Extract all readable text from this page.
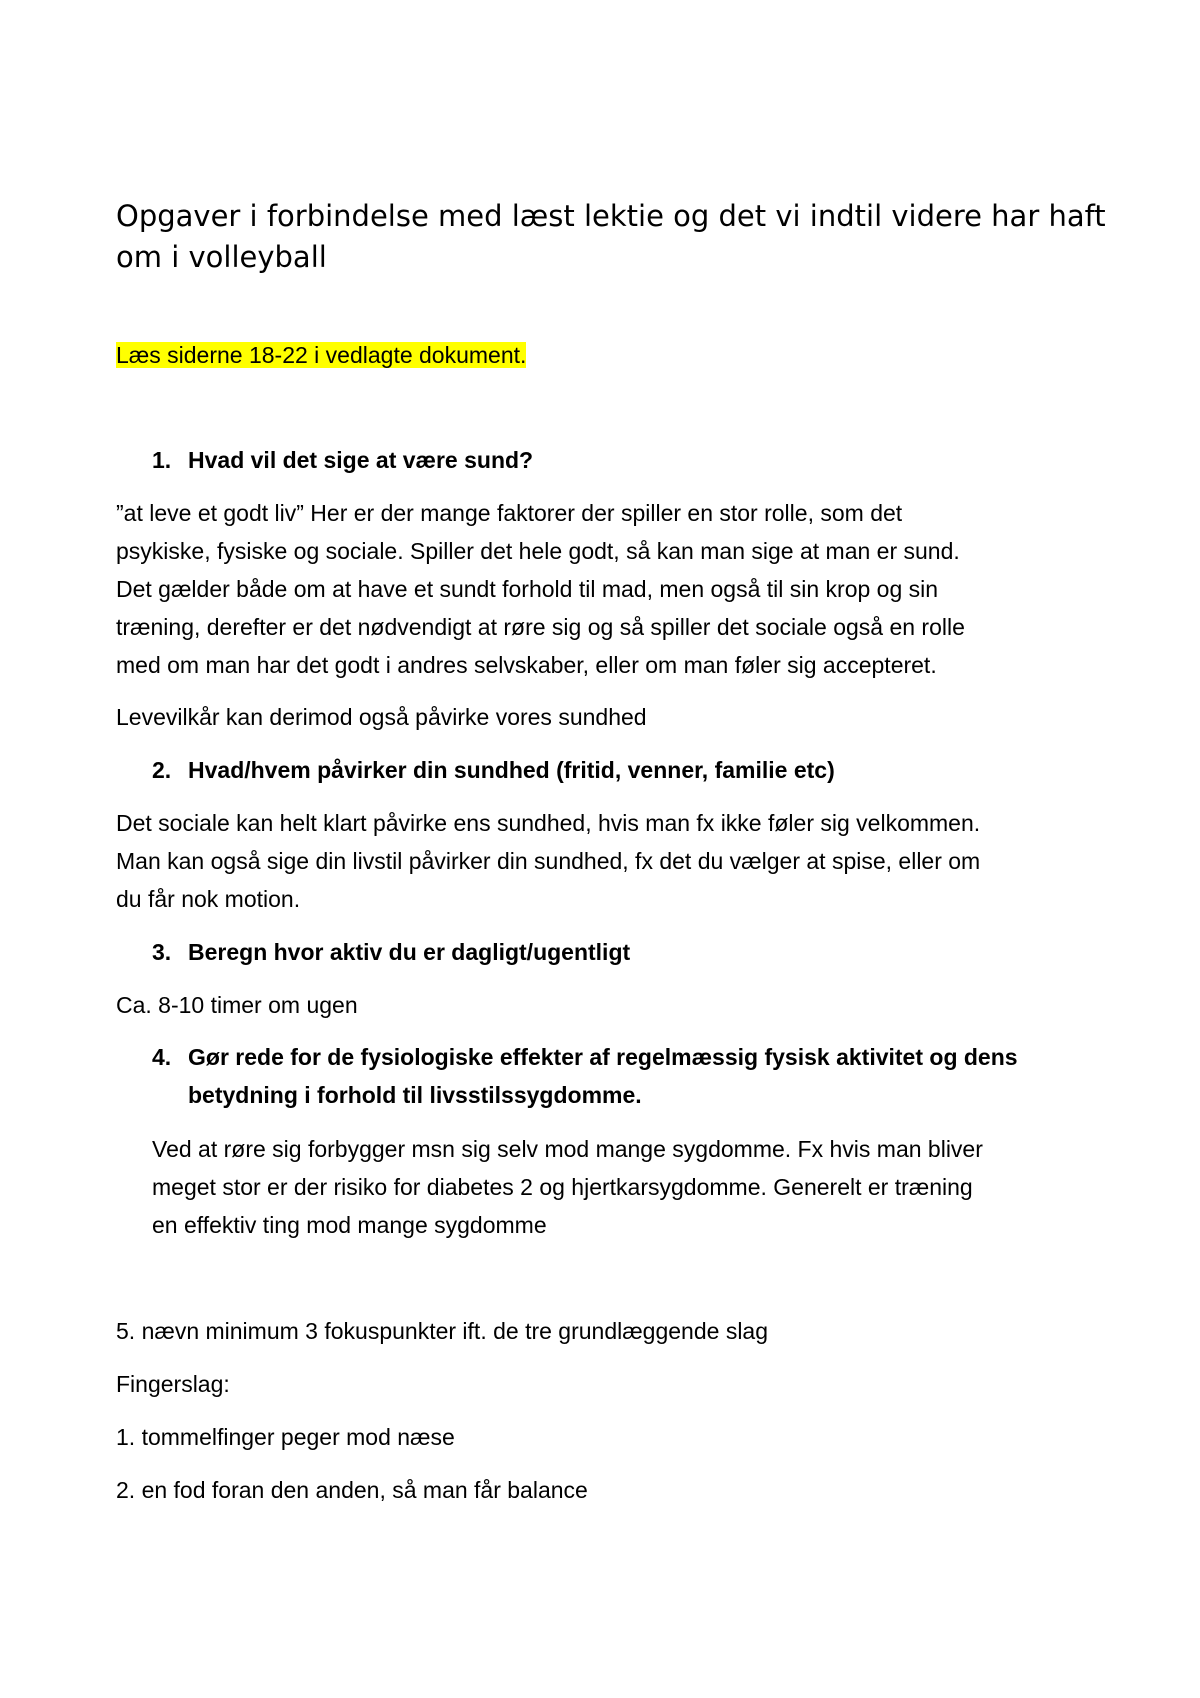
Opgaver i forbindelse med læst lektie og det vi indtil videre har haft om i volleyball

Læs siderne 18-22 i vedlagte dokument.

1. Hvad vil det sige at være sund?

”at leve et godt liv” Her er der mange faktorer der spiller en stor rolle, som det

psykiske, fysiske og sociale. Spiller det hele godt, så kan man sige at man er sund.

Det gælder både om at have et sundt forhold til mad, men også til sin krop og sin

træning, derefter er det nødvendigt at røre sig og så spiller det sociale også en rolle

med om man har det godt i andres selvskaber, eller om man føler sig accepteret.

Levevilkår kan derimod også påvirke vores sundhed

2. Hvad/hvem påvirker din sundhed (fritid, venner, familie etc)

Det sociale kan helt klart påvirke ens sundhed, hvis man fx ikke føler sig velkommen.

Man kan også sige din livstil påvirker din sundhed, fx det du vælger at spise, eller om

du får nok motion.

3. Beregn hvor aktiv du er dagligt/ugentligt

Ca. 8-10 timer om ugen

4. Gør rede for de fysiologiske effekter af regelmæssig fysisk aktivitet og dens
betydning i forhold til livsstilssygdomme.

Ved at røre sig forbygger msn sig selv mod mange sygdomme. Fx hvis man bliver

meget stor er der risiko for diabetes 2 og hjertkarsygdomme. Generelt er træning

en effektiv ting mod mange sygdomme

5. nævn minimum 3 fokuspunkter ift. de tre grundlæggende slag

Fingerslag:

1. tommelfinger peger mod næse

2. en fod foran den anden, så man får balance
